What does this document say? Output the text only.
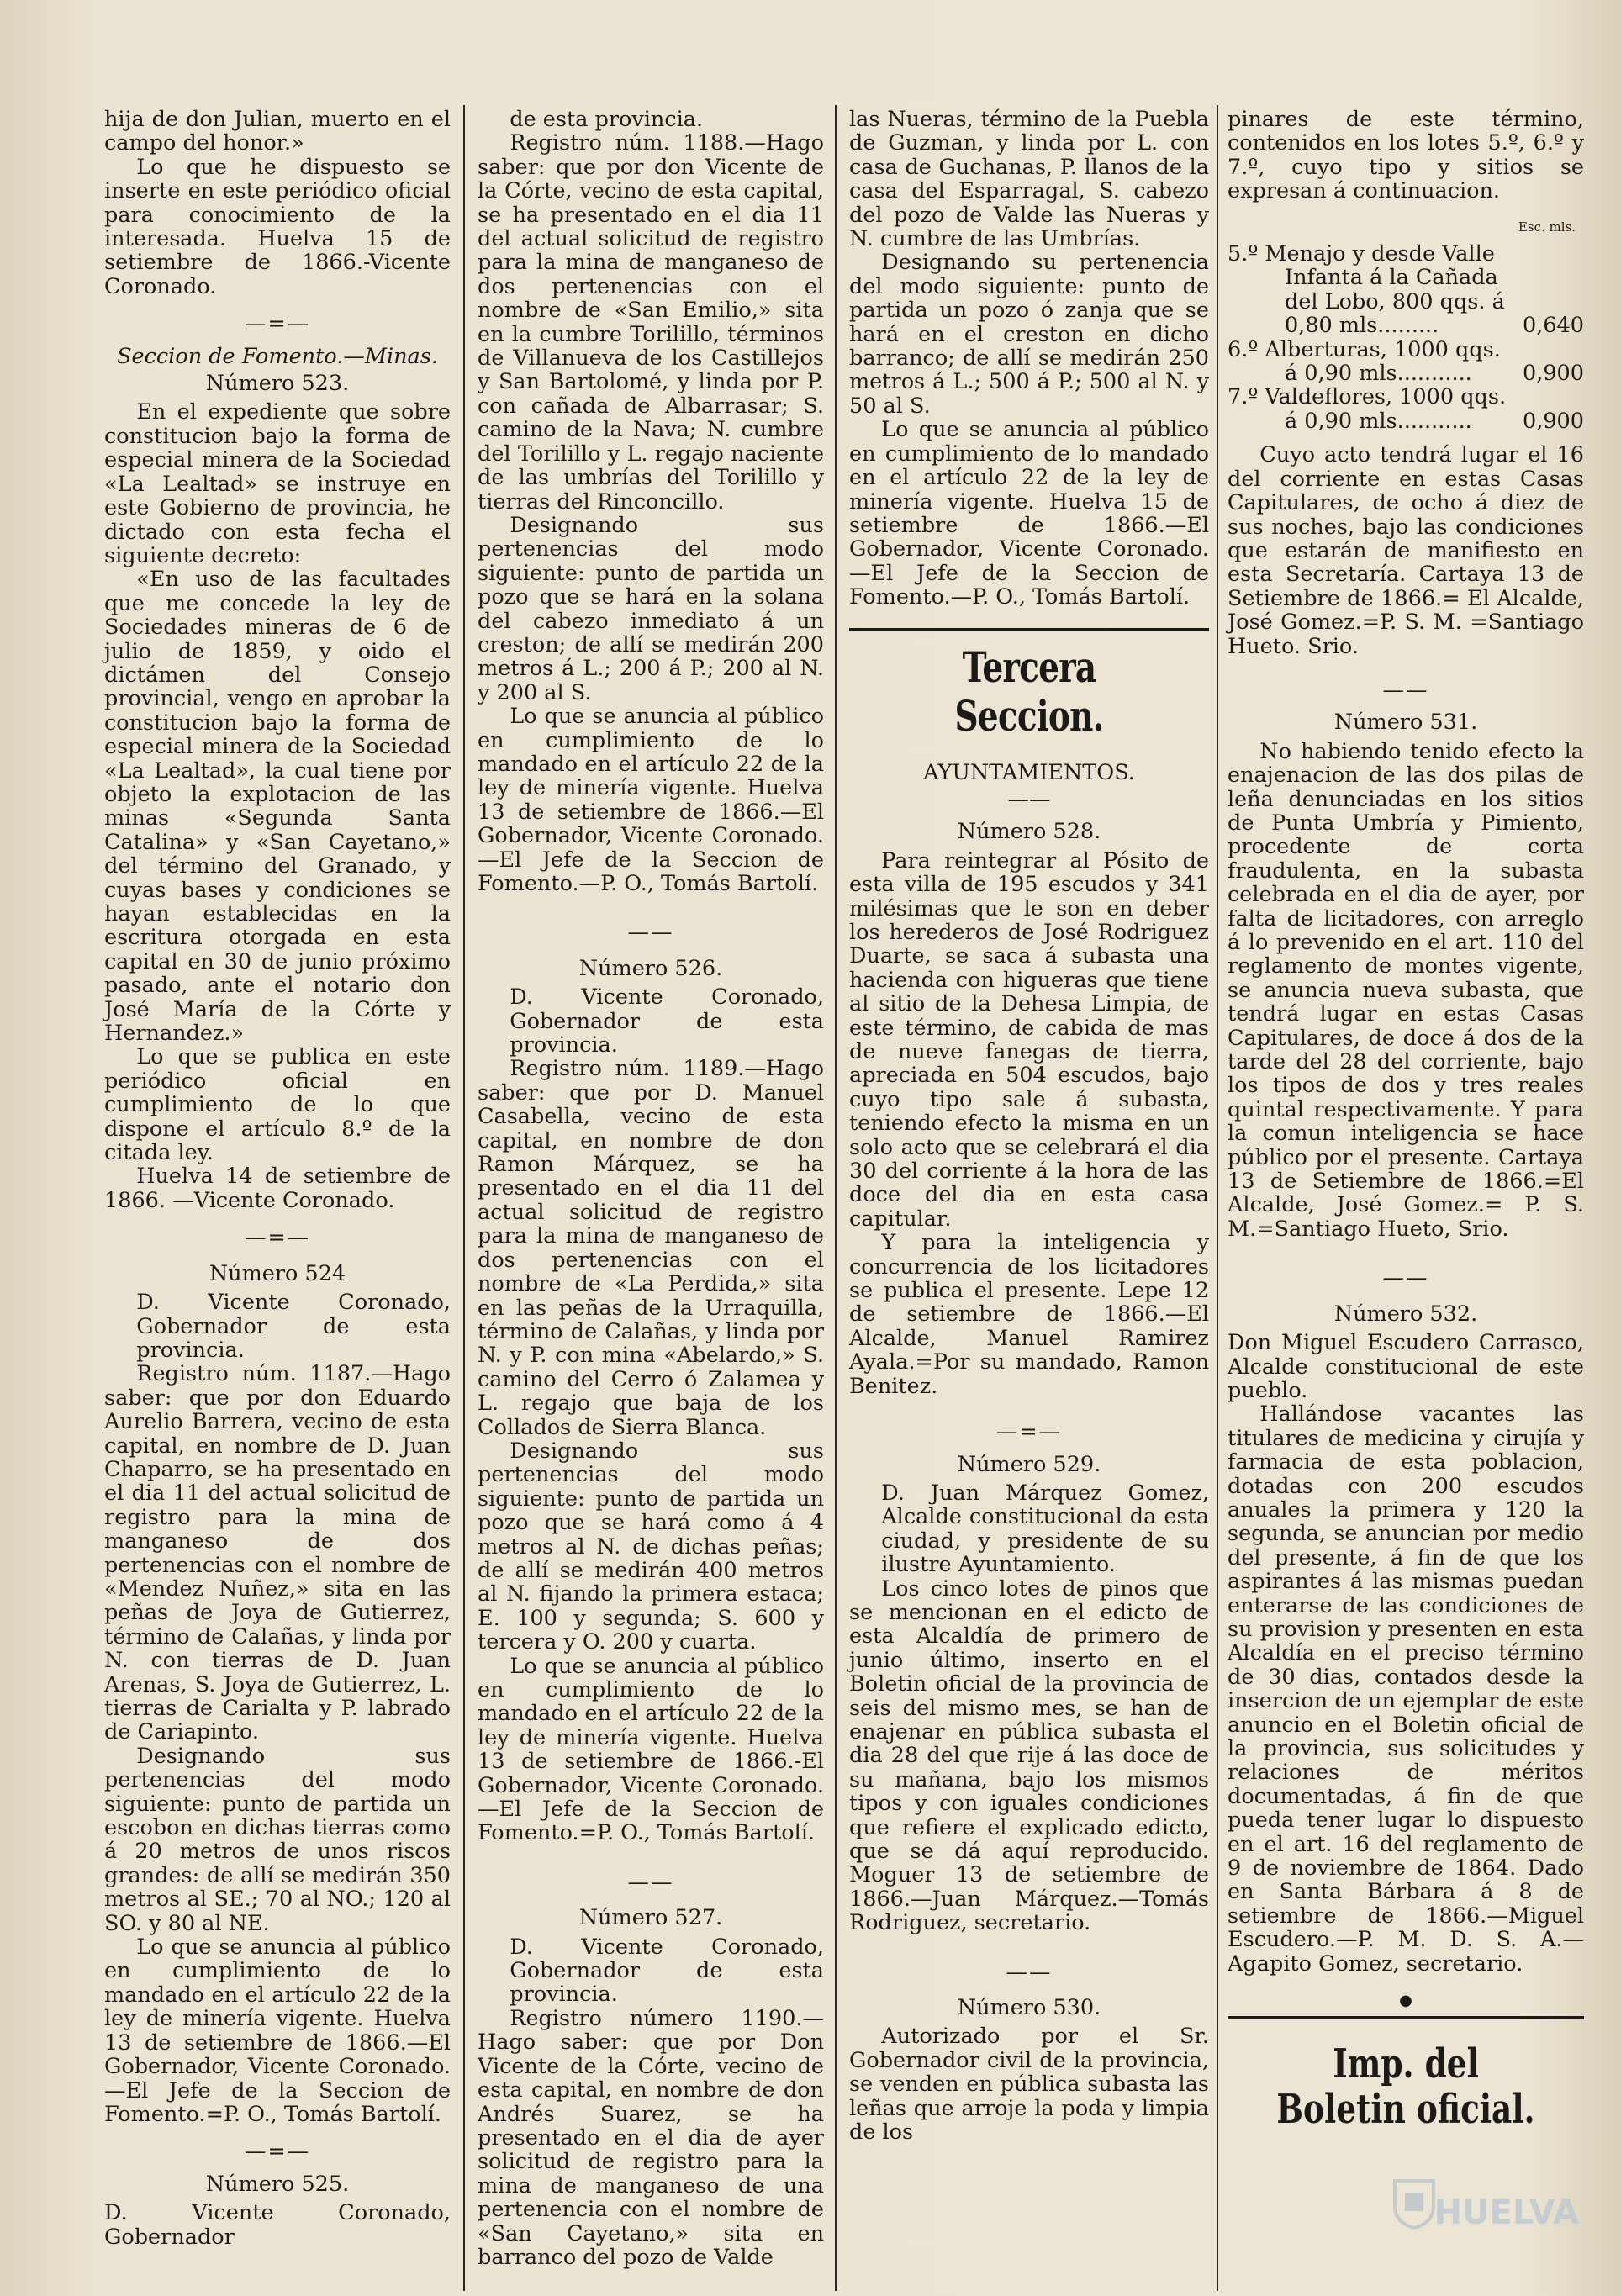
hija de don Julian, muerto en el campo del honor.»

Lo que he dispuesto se inserte en este periódico oficial para conocimiento de la interesada. Huelva 15 de setiembre de 1866.-Vicente Coronado.

—=—
Seccion de Fomento.—Minas.
Número 523.

En el expediente que sobre constitucion bajo la forma de especial minera de la Sociedad «La Lealtad» se instruye en este Gobierno de provincia, he dictado con esta fecha el siguiente decreto:

«En uso de las facultades que me concede la ley de Sociedades mineras de 6 de julio de 1859, y oido el dictámen del Consejo provincial, vengo en aprobar la constitucion bajo la forma de especial minera de la Sociedad «La Lealtad», la cual tiene por objeto la explotacion de las minas «Segunda Santa Catalina» y «San Cayetano,» del término del Granado, y cuyas bases y condiciones se hayan establecidas en la escritura otorgada en esta capital en 30 de junio próximo pasado, ante el notario don José María de la Córte y Hernandez.»

Lo que se publica en este periódico oficial en cumplimiento de lo que dispone el artículo 8.º de la citada ley.

Huelva 14 de setiembre de 1866. —Vicente Coronado.

—=—
Número 524

D. Vicente Coronado, Gobernador de esta provincia.

Registro núm. 1187.—Hago saber: que por don Eduardo Aurelio Barrera, vecino de esta capital, en nombre de D. Juan Chaparro, se ha presentado en el dia 11 del actual solicitud de registro para la mina de manganeso de dos pertenencias con el nombre de «Mendez Nuñez,» sita en las peñas de Joya de Gutierrez, término de Calañas, y linda por N. con tierras de D. Juan Arenas, S. Joya de Gutierrez, L. tierras de Carialta y P. labrado de Cariapinto.

Designando sus pertenencias del modo siguiente: punto de partida un escobon en dichas tierras como á 20 metros de unos riscos grandes: de allí se medirán 350 metros al SE.; 70 al NO.; 120 al SO. y 80 al NE.

Lo que se anuncia al público en cumplimiento de lo mandado en el artículo 22 de la ley de minería vigente. Huelva 13 de setiembre de 1866.—El Gobernador, Vicente Coronado.—El Jefe de la Seccion de Fomento.=P. O., Tomás Bartolí.

—=—
Número 525.

D. Vicente Coronado, Gobernador

de esta provincia.

Registro núm. 1188.—Hago saber: que por don Vicente de la Córte, vecino de esta capital, se ha presentado en el dia 11 del actual solicitud de registro para la mina de manganeso de dos pertenencias con el nombre de «San Emilio,» sita en la cumbre Torilillo, términos de Villanueva de los Castillejos y San Bartolomé, y linda por P. con cañada de Albarrasar; S. camino de la Nava; N. cumbre del Torilillo y L. regajo naciente de las umbrías del Torilillo y tierras del Rinconcillo.

Designando sus pertenencias del modo siguiente: punto de partida un pozo que se hará en la solana del cabezo inmediato á un creston; de allí se medirán 200 metros á L.; 200 á P.; 200 al N. y 200 al S.

Lo que se anuncia al público en cumplimiento de lo mandado en el artículo 22 de la ley de minería vigente. Huelva 13 de setiembre de 1866.—El Gobernador, Vicente Coronado.—El Jefe de la Seccion de Fomento.—P. O., Tomás Bartolí.

——
Número 526.

D. Vicente Coronado, Gobernador de esta provincia.

Registro núm. 1189.—Hago saber: que por D. Manuel Casabella, vecino de esta capital, en nombre de don Ramon Márquez, se ha presentado en el dia 11 del actual solicitud de registro para la mina de manganeso de dos pertenencias con el nombre de «La Perdida,» sita en las peñas de la Urraquilla, término de Calañas, y linda por N. y P. con mina «Abelardo,» S. camino del Cerro ó Zalamea y L. regajo que baja de los Collados de Sierra Blanca.

Designando sus pertenencias del modo siguiente: punto de partida un pozo que se hará como á 4 metros al N. de dichas peñas; de allí se medirán 400 metros al N. fijando la primera estaca; E. 100 y segunda; S. 600 y tercera y O. 200 y cuarta.

Lo que se anuncia al público en cumplimiento de lo mandado en el artículo 22 de la ley de minería vigente. Huelva 13 de setiembre de 1866.-El Gobernador, Vicente Coronado.—El Jefe de la Seccion de Fomento.=P. O., Tomás Bartolí.

——
Número 527.

D. Vicente Coronado, Gobernador de esta provincia.

Registro número 1190.—Hago saber: que por Don Vicente de la Córte, vecino de esta capital, en nombre de don Andrés Suarez, se ha presentado en el dia de ayer solicitud de registro para la mina de manganeso de una pertenencia con el nombre de «San Cayetano,» sita en barranco del pozo de Valde

las Nueras, término de la Puebla de Guzman, y linda por L. con casa de Guchanas, P. llanos de la casa del Esparragal, S. cabezo del pozo de Valde las Nueras y N. cumbre de las Umbrías.

Designando su pertenencia del modo siguiente: punto de partida un pozo ó zanja que se hará en el creston en dicho barranco; de allí se medirán 250 metros á L.; 500 á P.; 500 al N. y 50 al S.

Lo que se anuncia al público en cumplimiento de lo mandado en el artículo 22 de la ley de minería vigente. Huelva 15 de setiembre de 1866.—El Gobernador, Vicente Coronado.—El Jefe de la Seccion de Fomento.—P. O., Tomás Bartolí.

Tercera Seccion.
AYUNTAMIENTOS.
——
Número 528.

Para reintegrar al Pósito de esta villa de 195 escudos y 341 milésimas que le son en deber los herederos de José Rodriguez Duarte, se saca á subasta una hacienda con higueras que tiene al sitio de la Dehesa Limpia, de este término, de cabida de mas de nueve fanegas de tierra, apreciada en 504 escudos, bajo cuyo tipo sale á subasta, teniendo efecto la misma en un solo acto que se celebrará el dia 30 del corriente á la hora de las doce del dia en esta casa capitular.

Y para la inteligencia y concurrencia de los licitadores se publica el presente. Lepe 12 de setiembre de 1866.—El Alcalde, Manuel Ramirez Ayala.=Por su mandado, Ramon Benitez.

—=—
Número 529.

D. Juan Márquez Gomez, Alcalde constitucional da esta ciudad, y presidente de su ilustre Ayuntamiento.

Los cinco lotes de pinos que se mencionan en el edicto de esta Alcaldía de primero de junio último, inserto en el Boletin oficial de la provincia de seis del mismo mes, se han de enajenar en pública subasta el dia 28 del que rije á las doce de su mañana, bajo los mismos tipos y con iguales condiciones que refiere el explicado edicto, que se dá aquí reproducido. Moguer 13 de setiembre de 1866.—Juan Márquez.—Tomás Rodriguez, secretario.

——
Número 530.

Autorizado por el Sr. Gobernador civil de la provincia, se venden en pública subasta las leñas que arroje la poda y limpia de los

pinares de este término, contenidos en los lotes 5.º, 6.º y 7.º, cuyo tipo y sitios se expresan á continuacion.

Esc. mls.
5.º Menajo y desde Valle
Infanta á la Cañada
del Lobo, 800 qqs. á
0,80 mls.........	0,640
6.º Alberturas, 1000 qqs.
á 0,90 mls........... 0,900
7.º Valdeflores, 1000 qqs.
á 0,90 mls........... 0,900

Cuyo acto tendrá lugar el 16 del corriente en estas Casas Capitulares, de ocho á diez de sus noches, bajo las condiciones que estarán de manifiesto en esta Secretaría. Cartaya 13 de Setiembre de 1866.= El Alcalde, José Gomez.=P. S. M. =Santiago Hueto. Srio.

——
Número 531.

No habiendo tenido efecto la enajenacion de las dos pilas de leña denunciadas en los sitios de Punta Umbría y Pimiento, procedente de corta fraudulenta, en la subasta celebrada en el dia de ayer, por falta de licitadores, con arreglo á lo prevenido en el art. 110 del reglamento de montes vigente, se anuncia nueva subasta, que tendrá lugar en estas Casas Capitulares, de doce á dos de la tarde del 28 del corriente, bajo los tipos de dos y tres reales quintal respectivamente. Y para la comun inteligencia se hace público por el presente. Cartaya 13 de Setiembre de 1866.=El Alcalde, José Gomez.= P. S. M.=Santiago Hueto, Srio.

——
Número 532.

Don Miguel Escudero Carrasco, Alcalde constitucional de este pueblo.

Hallándose vacantes las titulares de medicina y cirujía y farmacia de esta poblacion, dotadas con 200 escudos anuales la primera y 120 la segunda, se anuncian por medio del presente, á fin de que los aspirantes á las mismas puedan enterarse de las condiciones de su provision y presenten en esta Alcaldía en el preciso término de 30 dias, contados desde la insercion de un ejemplar de este anuncio en el Boletin oficial de la provincia, sus solicitudes y relaciones de méritos documentadas, á fin de que pueda tener lugar lo dispuesto en el art. 16 del reglamento de 9 de noviembre de 1864. Dado en Santa Bárbara á 8 de setiembre de 1866.—Miguel Escudero.—P. M. D. S. A.—Agapito Gomez, secretario.

●
Imp. del Boletin oficial.
HUELVA
